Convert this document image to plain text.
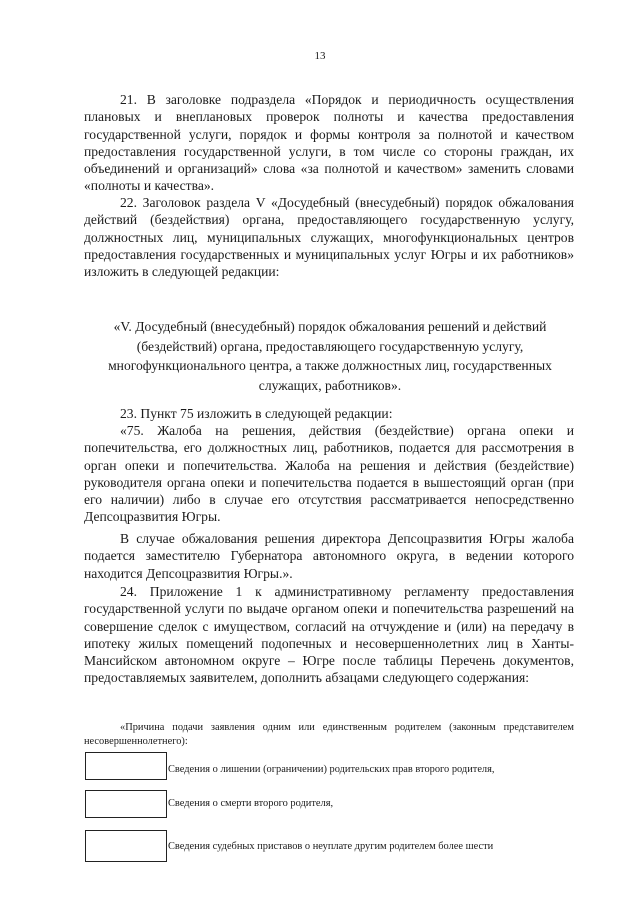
13

21. В заголовке подраздела «Порядок и периодичность осуществления плановых и внеплановых проверок полноты и качества предоставления государственной услуги, порядок и формы контроля за полнотой и качеством предоставления государственной услуги, в том числе со стороны граждан, их объединений и организаций» слова «за полнотой и качеством» заменить словами «полноты и качества».

22. Заголовок раздела V «Досудебный (внесудебный) порядок обжалования действий (бездействия) органа, предоставляющего государственную услугу, должностных лиц, муниципальных служащих, многофункциональных центров предоставления государственных и муниципальных услуг Югры и их работников» изложить в следующей редакции:

«V. Досудебный (внесудебный) порядок обжалования решений и действий (бездействий) органа, предоставляющего государственную услугу, многофункционального центра, а также должностных лиц, государственных служащих, работников».

23. Пункт 75 изложить в следующей редакции:

«75. Жалоба на решения, действия (бездействие) органа опеки и попечительства, его должностных лиц, работников, подается для рассмотрения в орган опеки и попечительства. Жалоба на решения и действия (бездействие) руководителя органа опеки и попечительства подается в вышестоящий орган (при его наличии) либо в случае его отсутствия рассматривается непосредственно Депсоцразвития Югры.

В случае обжалования решения директора Депсоцразвития Югры жалоба подается заместителю Губернатора автономного округа, в ведении которого находится Депсоцразвития Югры.».

24. Приложение 1 к административному регламенту предоставления государственной услуги по выдаче органом опеки и попечительства разрешений на совершение сделок с имуществом, согласий на отчуждение и (или) на передачу в ипотеку жилых помещений подопечных и несовершеннолетних лиц в Ханты-Мансийском автономном округе – Югре после таблицы Перечень документов, предоставляемых заявителем, дополнить абзацами следующего содержания:

«Причина подачи заявления одним или единственным родителем (законным представителем несовершеннолетнего):

Сведения о лишении (ограничении) родительских прав второго родителя,
Сведения о смерти второго родителя,
Сведения судебных приставов о неуплате другим родителем более шести
